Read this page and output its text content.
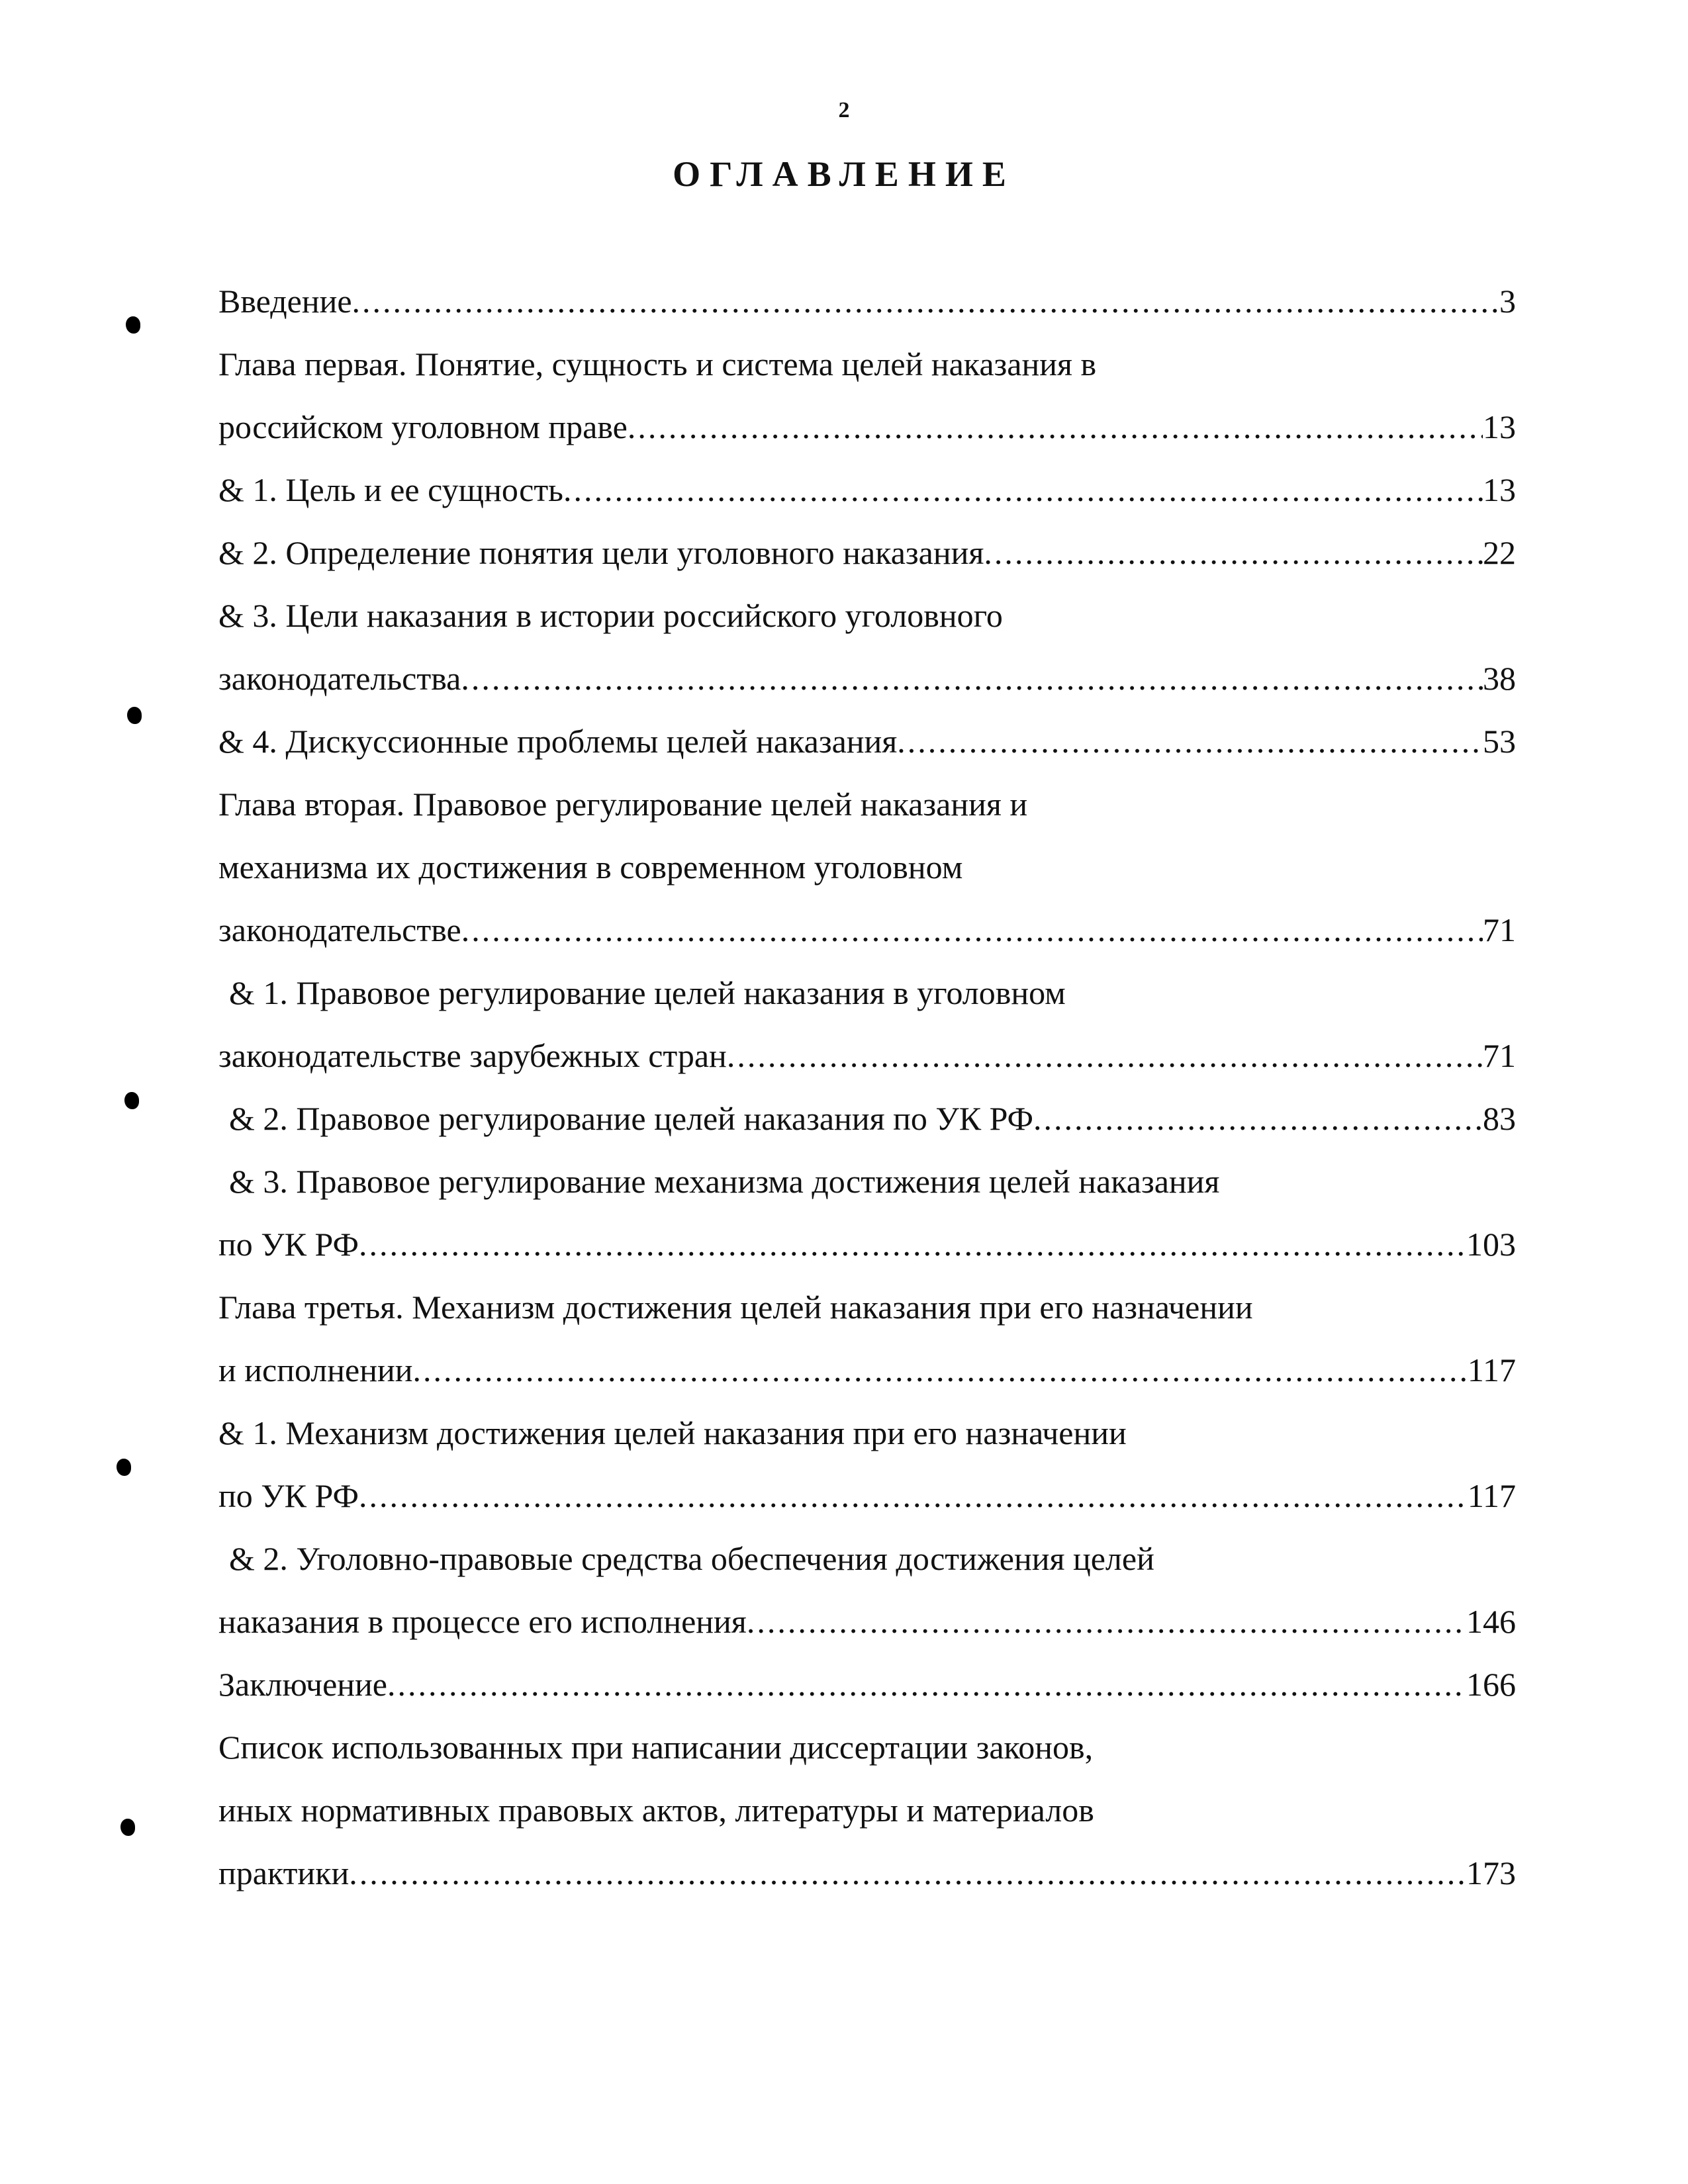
2
ОГЛАВЛЕНИЕ
Введение .....	3
Глава первая. Понятие, сущность и система целей наказания в
российском уголовном праве .....	13
& 1. Цель и ее сущность .....	13
& 2. Определение понятия цели уголовного наказания .....	22
& 3. Цели наказания в истории российского уголовного
законодательства .....	38
& 4. Дискуссионные проблемы целей наказания .....	53
Глава вторая. Правовое регулирование целей наказания и
механизма их достижения в современном уголовном
законодательстве .....	71
& 1. Правовое регулирование целей наказания в уголовном
законодательстве зарубежных стран .....	71
& 2. Правовое регулирование целей наказания по УК РФ .....	83
& 3. Правовое регулирование механизма достижения целей наказания
по УК РФ .....	103
Глава третья. Механизм достижения целей наказания при его назначении
и исполнении .....	117
& 1. Механизм достижения целей наказания при его назначении
по УК РФ .....	117
& 2. Уголовно-правовые средства обеспечения достижения целей
наказания в процессе его исполнения .....	146
Заключение .....	166
Список использованных при написании диссертации законов,
иных нормативных правовых актов, литературы и материалов
практики .....	173
